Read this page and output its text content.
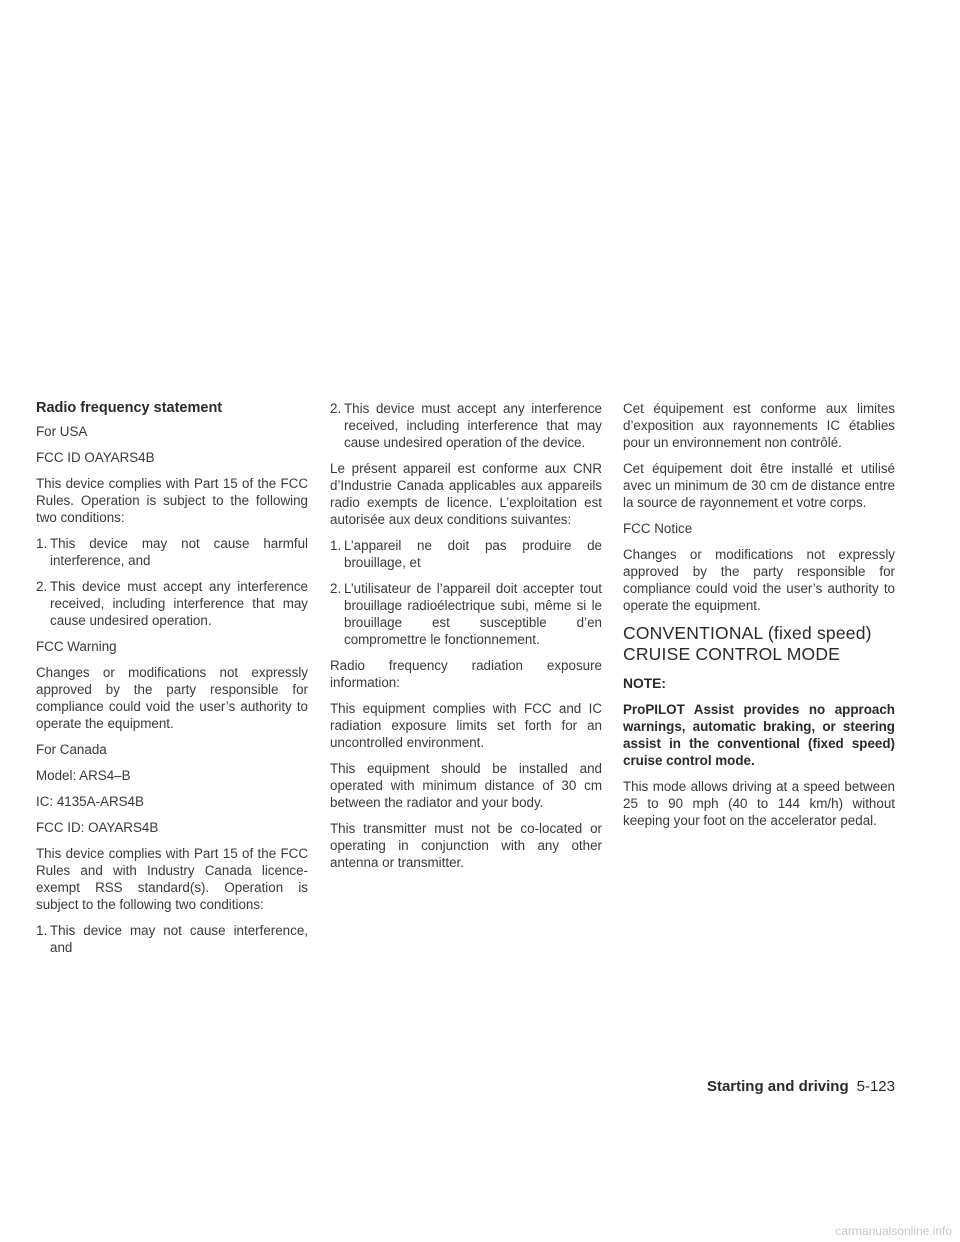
Radio frequency statement

For USA

FCC ID OAYARS4B

This device complies with Part 15 of the FCC Rules. Operation is subject to the following two conditions:

1. This device may not cause harmful interference, and
2. This device must accept any interference received, including interference that may cause undesired operation.

FCC Warning

Changes or modifications not expressly approved by the party responsible for compliance could void the user’s authority to operate the equipment.

For Canada

Model: ARS4–B

IC: 4135A-ARS4B

FCC ID: OAYARS4B

This device complies with Part 15 of the FCC Rules and with Industry Canada licence-exempt RSS standard(s). Operation is subject to the following two conditions:

1. This device may not cause interference, and
2. This device must accept any interference received, including interference that may cause undesired operation of the device.

Le présent appareil est conforme aux CNR d’Industrie Canada applicables aux appareils radio exempts de licence. L’exploitation est autorisée aux deux conditions suivantes:

1. L’appareil ne doit pas produire de brouillage, et
2. L’utilisateur de l’appareil doit accepter tout brouillage radioélectrique subi, même si le brouillage est susceptible d’en compromettre le fonctionnement.

Radio frequency radiation exposure information:

This equipment complies with FCC and IC radiation exposure limits set forth for an uncontrolled environment.

This equipment should be installed and operated with minimum distance of 30 cm between the radiator and your body.

This transmitter must not be co-located or operating in conjunction with any other antenna or transmitter.

Cet équipement est conforme aux limites d’exposition aux rayonnements IC établies pour un environnement non contrôlé.

Cet équipement doit être installé et utilisé avec un minimum de 30 cm de distance entre la source de rayonnement et votre corps.

FCC Notice

Changes or modifications not expressly approved by the party responsible for compliance could void the user’s authority to operate the equipment.

CONVENTIONAL (fixed speed)
CRUISE CONTROL MODE
NOTE:

ProPILOT Assist provides no approach warnings, automatic braking, or steering assist in the conventional (fixed speed) cruise control mode.

This mode allows driving at a speed between 25 to 90 mph (40 to 144 km/h) without keeping your foot on the accelerator pedal.

Starting and driving 5-123
carmanualsonline.info
